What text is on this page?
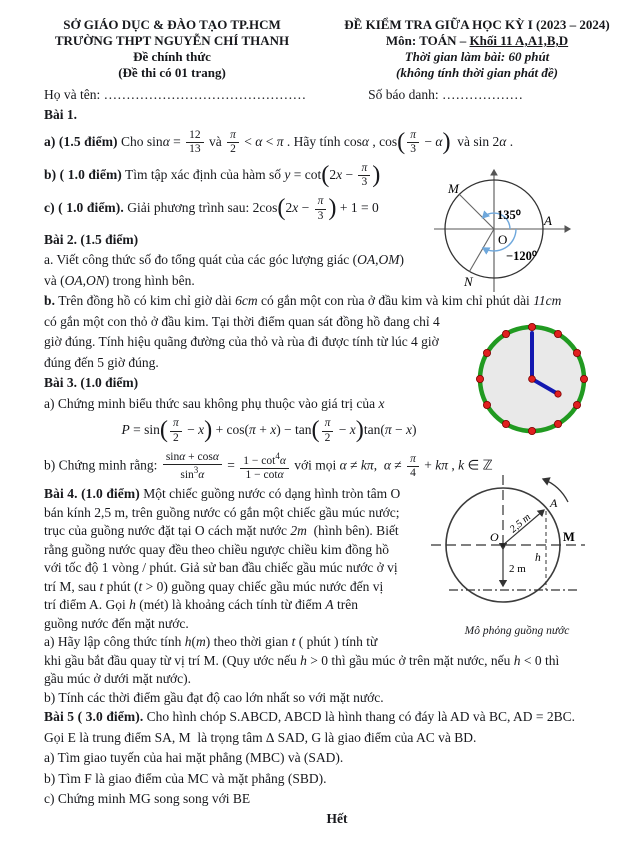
SỞ GIÁO DỤC & ĐÀO TẠO TP.HCM
TRƯỜNG THPT NGUYỄN CHÍ THANH
Đề chính thức
(Đề thi có 01 trang)
ĐỀ KIỂM TRA GIỮA HỌC KỲ I (2023 – 2024)
Môn: TOÁN – Khối 11 A,A1,B,D
Thời gian làm bài: 60 phút
(không tính thời gian phát đề)
Họ và tên: ………………………………………	Số báo danh: ………………
Bài 1.
a) (1.5 điểm) Cho $\sin\alpha = \frac{12}{13}$ và $\frac{\pi}{2} < \alpha < \pi$ . Hãy tính cosα , $\cos( \frac{\pi}{3} - \alpha)$  và sin 2α .
b) ( 1.0 điểm) Tìm tập xác định của hàm số $y = \cot(2x - \frac{\pi}{3}$ )
c) ( 1.0 điểm). Giải phương trình sau: $2\cos(2x - \frac{\pi}{3}$ ) + 1 = 0
Bài 2. (1.5 điểm)
a. Viết công thức số đo tổng quát của các góc lượng giác (OA,OM)
và (OA,ON) trong hình bên.
b. Trên đồng hồ có kim chỉ giờ dài 6cm có gắn một con rùa ở đầu kim và kim chỉ phút dài 11cm
có gắn một con thỏ ở đầu kim. Tại thời điểm quan sát đồng hồ đang chỉ 4
giờ đúng. Tính hiệu quãng đường của thỏ và rùa đi được tính từ lúc 4 giờ
đúng đến 5 giờ đúng.
Bài 3. (1.0 điểm)
a) Chứng minh biểu thức sau không phụ thuộc vào giá trị của x
$P = \sin( \frac{\pi}{2} - x) + \cos(\pi + x) - \tan( \frac{\pi}{2} - x)\tan(\pi - x)$
b) Chứng minh rằng: $\frac{\sin\alpha + \cos\alpha}{\sin^3\alpha} = \frac{1 - \cot^4\alpha}{1 - \cot\alpha}$ với mọi α ≠ kπ,  $\alpha \ne \frac{\pi}{4} + k\pi$ , k ∈ ℤ
Bài 4. (1.0 điểm) Một chiếc guồng nước có dạng hình tròn tâm O
bán kính 2,5 m, trên guồng nước có gắn một chiếc gầu múc nước;
trục của guồng nước đặt tại O cách mặt nước 2m  (hình bên). Biết
rằng guồng nước quay đều theo chiều ngược chiều kim đồng hồ
với tốc độ 1 vòng / phút. Giả sử ban đầu chiếc gầu múc nước ở vị
trí M, sau t phút (t > 0) guồng quay chiếc gầu múc nước đến vị
trí điểm A. Gọi h (mét) là khoảng cách tính từ điểm A trên
guồng nước đến mặt nước.
a) Hãy lập công thức tính h(m) theo thời gian t ( phút ) tính từ
khi gầu bắt đầu quay từ vị trí M. (Quy ước nếu h > 0 thì gầu múc ở trên mặt nước, nếu h < 0 thì
gầu múc ở dưới mặt nước).
b) Tính các thời điểm gầu đạt độ cao lớn nhất so với mặt nước.
Bài 5 ( 3.0 điểm). Cho hình chóp S.ABCD, ABCD là hình thang có đáy là AD và BC, AD = 2BC.
Gọi E là trung điểm SA, M  là trọng tâm ∆ SAD, G là giao điểm của AC và BD.
a) Tìm giao tuyến của hai mặt phẳng (MBC) và (SAD).
b) Tìm F là giao điểm của MC và mặt phẳng (SBD).
c) Chứng minh MG song song với BE
Hết
M
N
A
O
135⁰
−120⁰
O
A
M
h
2,5 m
2 m
Mô phỏng guồng nước
